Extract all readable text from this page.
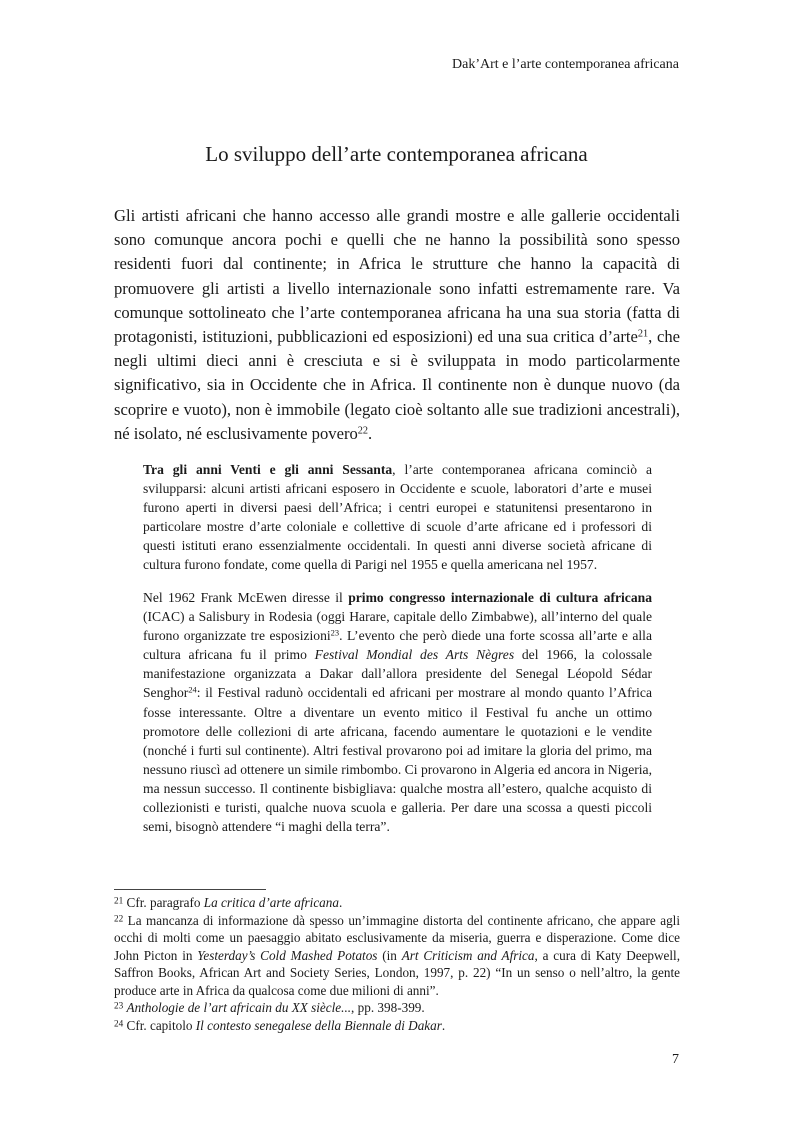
Dak’Art e l’arte contemporanea africana
Lo sviluppo dell’arte contemporanea africana

Gli artisti africani che hanno accesso alle grandi mostre e alle gallerie occidentali sono comunque ancora pochi e quelli che ne hanno la possibilità sono spesso residenti fuori dal continente; in Africa le strutture che hanno la capacità di promuovere gli artisti a livello internazionale sono infatti estremamente rare. Va comunque sottolineato che l’arte contemporanea africana ha una sua storia (fatta di protagonisti, istituzioni, pubblicazioni ed esposizioni) ed una sua critica d’arte$^{21}$, che negli ultimi dieci anni è cresciuta e si è sviluppata in modo particolarmente significativo, sia in Occidente che in Africa. Il continente non è dunque nuovo (da scoprire e vuoto), non è immobile (legato cioè soltanto alle sue tradizioni ancestrali), né isolato, né esclusivamente povero$^{22}$.

Tra gli anni Venti e gli anni Sessanta, l’arte contemporanea africana cominciò a svilupparsi: alcuni artisti africani esposero in Occidente e scuole, laboratori d’arte e musei furono aperti in diversi paesi dell’Africa; i centri europei e statunitensi presentarono in particolare mostre d’arte coloniale e collettive di scuole d’arte africane ed i professori di questi istituti erano essenzialmente occidentali. In questi anni diverse società africane di cultura furono fondate, come quella di Parigi nel 1955 e quella americana nel 1957.

Nel 1962 Frank McEwen diresse il primo congresso internazionale di cultura africana (ICAC) a Salisbury in Rodesia (oggi Harare, capitale dello Zimbabwe), all’interno del quale furono organizzate tre esposizioni$^{23}$. L’evento che però diede una forte scossa all’arte e alla cultura africana fu il primo Festival Mondial des Arts Nègres del 1966, la colossale manifestazione organizzata a Dakar dall’allora presidente del Senegal Léopold Sédar Senghor$^{24}$: il Festival radunò occidentali ed africani per mostrare al mondo quanto l’Africa fosse interessante. Oltre a diventare un evento mitico il Festival fu anche un ottimo promotore delle collezioni di arte africana, facendo aumentare le quotazioni e le vendite (nonché i furti sul continente). Altri festival provarono poi ad imitare la gloria del primo, ma nessuno riuscì ad ottenere un simile rimbombo. Ci provarono in Algeria ed ancora in Nigeria, ma nessun successo. Il continente bisbigliava: qualche mostra all’estero, qualche acquisto di collezionisti e turisti, qualche nuova scuola e galleria. Per dare una scossa a questi piccoli semi, bisognò attendere “i maghi della terra”.

$^{21}$ Cfr. paragrafo La critica d’arte africana.

$^{22}$ La mancanza di informazione dà spesso un’immagine distorta del continente africano, che appare agli occhi di molti come un paesaggio abitato esclusivamente da miseria, guerra e disperazione. Come dice John Picton in Yesterday’s Cold Mashed Potatos (in Art Criticism and Africa, a cura di Katy Deepwell, Saffron Books, African Art and Society Series, London, 1997, p. 22) “In un senso o nell’altro, la gente produce arte in Africa da qualcosa come due milioni di anni”.

$^{23}$ Anthologie de l’art africain du XX siècle..., pp. 398-399.

$^{24}$ Cfr. capitolo Il contesto senegalese della Biennale di Dakar.

7
